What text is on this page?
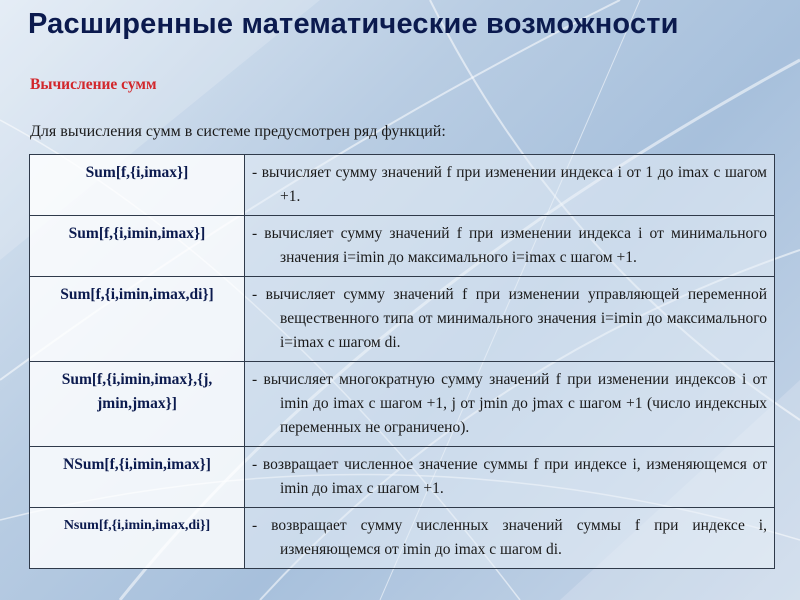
Расширенные математические возможности
Вычисление сумм
Для вычисления сумм в системе предусмотрен ряд функций:
Sum[f,{i,imax}]	- вычисляет сумму значений f при изменении индекса i от 1 до imax с шагом +1.

Sum[f,{i,imin,imax}]	- вычисляет сумму значений f при изменении индекса i от минимального значения i=imin до максимального i=imax с шагом +1.

Sum[f,{i,imin,imax,di}]	- вычисляет сумму значений f при изменении управляющей переменной вещественного типа от минимального значения i=imin до максимального i=imax с шагом di.

Sum[f,{i,imin,imax},{j, jmin,jmax}]	- вычисляет многократную сумму значений f при изменении индексов i от imin до imax с шагом +1, j от jmin до jmax с шагом +1 (число индексных переменных не ограничено).

NSum[f,{i,imin,imax}]	- возвращает численное значение суммы f при индексе i, изменяющемся от imin до imax с шагом +1.

Nsum[f,{i,imin,imax,di}]	- возвращает сумму численных значений суммы f при индексе i, изменяющемся от imin до imax с шагом di.
